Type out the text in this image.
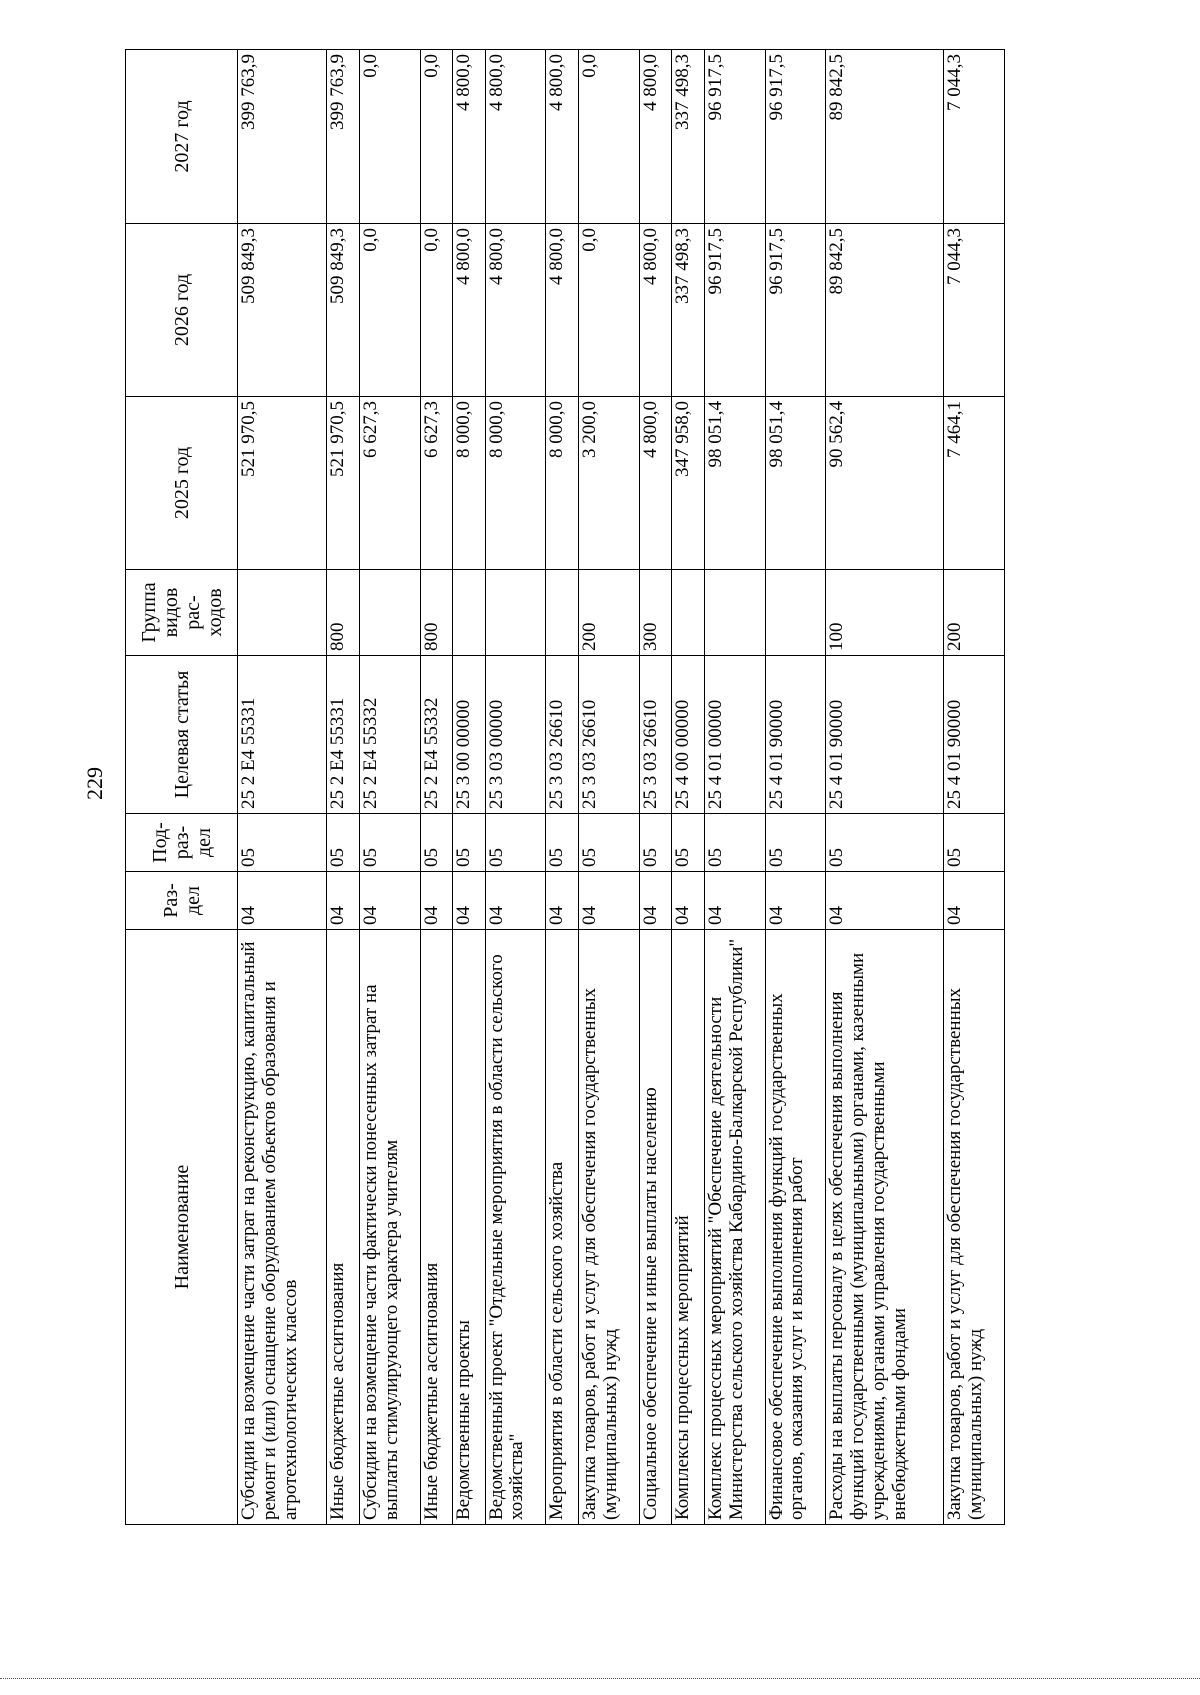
229
Наименование	Раз-дел	Под-раз-дел	Целевая статья	Группа видов рас-ходов	2025 год	2026 год	2027 год
Субсидии на возмещение части затрат на реконструкцию, капитальный ремонт и (или) оснащение оборудованием объектов образования и агротехнологических классов	04	05	25 2 Е4 55331		521 970,5	509 849,3	399 763,9
Иные бюджетные ассигнования	04	05	25 2 Е4 55331	800	521 970,5	509 849,3	399 763,9
Субсидии на возмещение части фактически понесенных затрат на выплаты стимулирующего характера учителям	04	05	25 2 Е4 55332		6 627,3	0,0	0,0
Иные бюджетные ассигнования	04	05	25 2 Е4 55332	800	6 627,3	0,0	0,0
Ведомственные проекты	04	05	25 3 00 00000		8 000,0	4 800,0	4 800,0
Ведомственный проект "Отдельные мероприятия в области сельского хозяйства"	04	05	25 3 03 00000		8 000,0	4 800,0	4 800,0
Мероприятия в области сельского хозяйства	04	05	25 3 03 26610		8 000,0	4 800,0	4 800,0
Закупка товаров, работ и услуг для обеспечения государственных (муниципальных) нужд	04	05	25 3 03 26610	200	3 200,0	0,0	0,0
Социальное обеспечение и иные выплаты населению	04	05	25 3 03 26610	300	4 800,0	4 800,0	4 800,0
Комплексы процессных мероприятий	04	05	25 4 00 00000		347 958,0	337 498,3	337 498,3
Комплекс процессных мероприятий "Обеспечение деятельности Министерства сельского хозяйства Кабардино-Балкарской Республики"	04	05	25 4 01 00000		98 051,4	96 917,5	96 917,5
Финансовое обеспечение выполнения функций государственных органов, оказания услуг и выполнения работ	04	05	25 4 01 90000		98 051,4	96 917,5	96 917,5
Расходы на выплаты персоналу в целях обеспечения выполнения функций государственными (муниципальными) органами, казенными учреждениями, органами управления государственными внебюджетными фондами	04	05	25 4 01 90000	100	90 562,4	89 842,5	89 842,5
Закупка товаров, работ и услуг для обеспечения государственных (муниципальных) нужд	04	05	25 4 01 90000	200	7 464,1	7 044,3	7 044,3
